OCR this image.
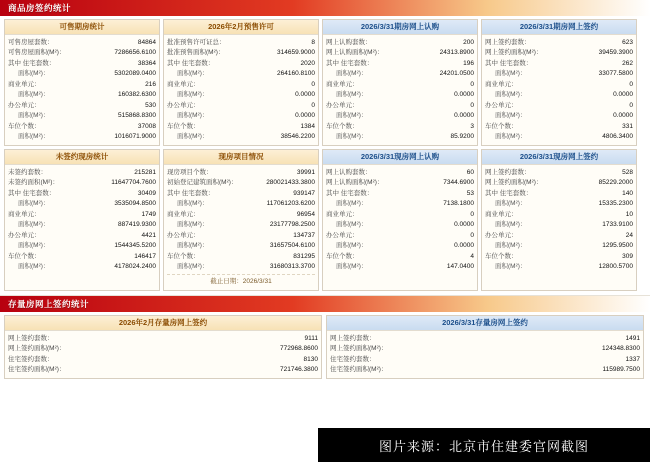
商品房签约统计
可售期房统计
可售房屋套数：	84864
可售房屋面积(M²)：	7286656.6100
其中 住宅套数：	38364
面积(M²)：	5302089.0400
商业单元：	216
面积(M²)：	160382.6300
办公单元：	530
面积(M²)：	515868.8300
车位个数：	37008
面积(M²)：	1016071.9000
2026年2月预售许可
批准预售许可证总：	8
批准预售面积(M²)：	314659.9000
其中 住宅套数：	2020
面积(M²)：	264160.8100
商业单元：	0
面积(M²)：	0.0000
办公单元：	0
面积(M²)：	0.0000
车位个数：	1384
面积(M²)：	38546.2200
2026/3/31期房网上认购
网上认购套数：	200
网上认购面积(M²)：	24313.8900
其中 住宅套数：	196
面积(M²)：	24201.0500
商业单元：	0
面积(M²)：	0.0000
办公单元：	0
面积(M²)：	0.0000
车位个数：	3
面积(M²)：	85.9200
2026/3/31期房网上签约
网上签约套数：	623
网上签约面积(M²)：	39459.3900
其中 住宅套数：	262
面积(M²)：	33077.5800
商业单元：	0
面积(M²)：	0.0000
办公单元：	0
面积(M²)：	0.0000
车位个数：	331
面积(M²)：	4806.3400
未签约现房统计
未签约套数：	215281
未签约面积(M²)：	11647704.7600
其中 住宅套数：	30409
面积(M²)：	3535094.8500
商业单元：	1749
面积(M²)：	887419.9300
办公单元：	4421
面积(M²)：	1544345.5200
车位个数：	146417
面积(M²)：	4178024.2400
现房项目情况
现房项目个数：	39991
初始登记建筑面积(M²)：	280021433.3800
其中 住宅套数：	939147
面积(M²)：	117061203.6200
商业单元：	96954
面积(M²)：	23177798.2500
办公单元：	134737
面积(M²)：	31657504.6100
车位个数：	831295
面积(M²)：	31680313.3700
截止日期：2026/3/31
2026/3/31现房网上认购
网上认购套数：	60
网上认购面积(M²)：	7344.6900
其中 住宅套数：	53
面积(M²)：	7138.1800
商业单元：	0
面积(M²)：	0.0000
办公单元：	0
面积(M²)：	0.0000
车位个数：	4
面积(M²)：	147.0400
2026/3/31现房网上签约
网上签约套数：	528
网上签约面积(M²)：	85229.2000
其中 住宅套数：	140
面积(M²)：	15335.2300
商业单元：	10
面积(M²)：	1733.9100
办公单元：	24
面积(M²)：	1295.9500
车位个数：	309
面积(M²)：	12800.5700
存量房网上签约统计
2026年2月存量房网上签约
网上签约套数：	9111
网上签约面积(M²)：	772968.8600
住宅签约套数：	8130
住宅签约面积(M²)：	721746.3800
2026/3/31存量房网上签约
网上签约套数：	1491
网上签约面积(M²)：	124348.8300
住宅签约套数：	1337
住宅签约面积(M²)：	115989.7500
图片来源：北京市住建委官网截图
